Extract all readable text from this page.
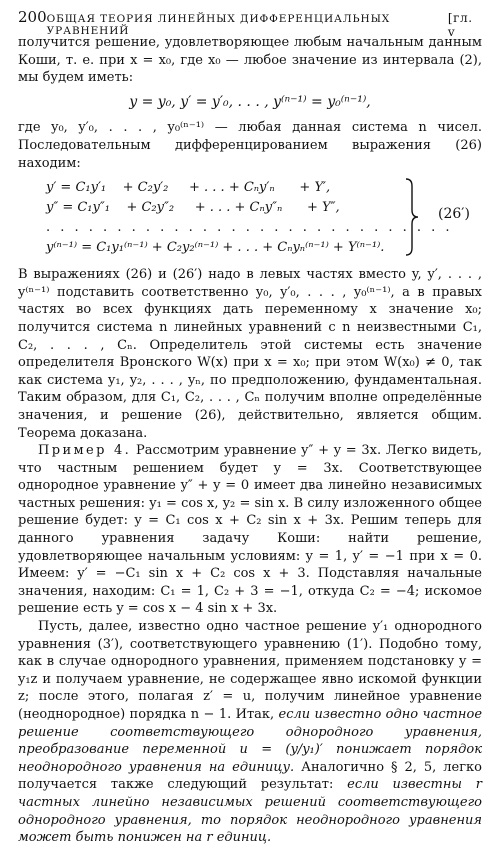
200 ОБЩАЯ ТЕОРИЯ ЛИНЕЙНЫХ ДИФФЕРЕНЦИАЛЬНЫХ УРАВНЕНИЙ
[гл. v

получится решение, удовлетворяющее любым начальным данным Коши, т. е. при x = x₀, где x₀ — любое значение из интервала (2), мы будем иметь:

y = y₀, y′ = y′₀, . . . , y⁽ⁿ⁻¹⁾ = y₀⁽ⁿ⁻¹⁾,

где y₀, y′₀, . . . , y₀⁽ⁿ⁻¹⁾ — любая данная система n чисел. Последовательным дифференцированием выражения (26) находим:

y′ = C₁y′₁    + C₂y′₂     + . . . + Cₙy′ₙ      + Y′,
y″ = C₁y″₁    + C₂y″₂     + . . . + Cₙy″ₙ      + Y″,
. . . . . . . . . . . . . . . . . . . . . . . . . . . . .
y⁽ⁿ⁻¹⁾ = C₁y₁⁽ⁿ⁻¹⁾ + C₂y₂⁽ⁿ⁻¹⁾ + . . . + Cₙyₙ⁽ⁿ⁻¹⁾ + Y⁽ⁿ⁻¹⁾.
(26′)

В выражениях (26) и (26′) надо в левых частях вместо y, y′, . . . , y⁽ⁿ⁻¹⁾ подставить соответственно y₀, y′₀, . . . , y₀⁽ⁿ⁻¹⁾, а в правых частях во всех функциях дать переменному x значение x₀; получится система n линейных уравнений с n неизвестными C₁, C₂, . . . , Cₙ. Определитель этой системы есть значение определителя Вронского W(x) при x = x₀; при этом W(x₀) ≠ 0, так как система y₁, y₂, . . . , yₙ, по предположению, фундаментальная. Таким образом, для C₁, C₂, . . . , Cₙ получим вполне определённые значения, и решение (26), действительно, является общим. Теорема доказана.

Пример 4. Рассмотрим уравнение y″ + y = 3x. Легко видеть, что частным решением будет y = 3x. Соответствующее однородное уравнение y″ + y = 0 имеет два линейно независимых частных решения: y₁ = cos x, y₂ = sin x. В силу изложенного общее решение будет: y = C₁ cos x + C₂ sin x + 3x. Решим теперь для данного уравнения задачу Коши: найти решение, удовлетворяющее начальным условиям: y = 1, y′ = −1 при x = 0. Имеем: y′ = −C₁ sin x + C₂ cos x + 3. Подставляя начальные значения, находим: C₁ = 1, C₂ + 3 = −1, откуда C₂ = −4; искомое решение есть y = cos x − 4 sin x + 3x.

Пусть, далее, известно одно частное решение y′₁ однородного уравнения (3′), соответствующего уравнению (1′). Подобно тому, как в случае однородного уравнения, применяем подстановку y = y₁z и получаем уравнение, не содержащее явно искомой функции z; после этого, полагая z′ = u, получим линейное уравнение (неоднородное) порядка n − 1. Итак, если известно одно частное решение соответствующего однородного уравнения, преобразование переменной u = (y/y₁)′ понижает порядок неоднородного уравнения на единицу. Аналогично § 2, 5, легко получается также следующий результат: если известны r частных линейно независимых решений соответствующего однородного уравнения, то порядок неоднородного уравнения может быть понижен на r единиц.
